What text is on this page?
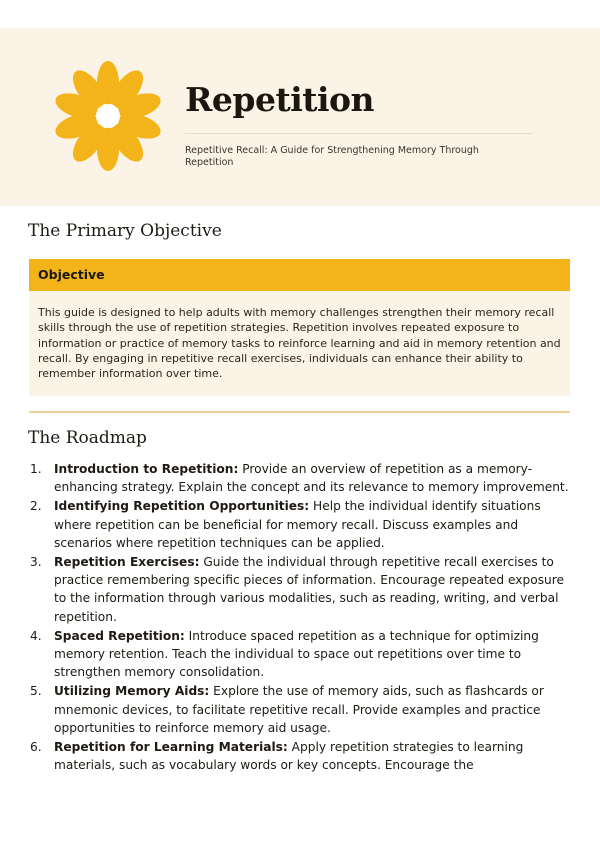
Repetition
Repetitive Recall: A Guide for Strengthening Memory Through Repetition
The Primary Objective
Objective
This guide is designed to help adults with memory challenges strengthen their memory recall skills through the use of repetition strategies. Repetition involves repeated exposure to information or practice of memory tasks to reinforce learning and aid in memory retention and recall. By engaging in repetitive recall exercises, individuals can enhance their ability to remember information over time.
The Roadmap
1. Introduction to Repetition: Provide an overview of repetition as a memory-enhancing strategy. Explain the concept and its relevance to memory improvement.
2. Identifying Repetition Opportunities: Help the individual identify situations where repetition can be beneficial for memory recall. Discuss examples and scenarios where repetition techniques can be applied.
3. Repetition Exercises: Guide the individual through repetitive recall exercises to practice remembering specific pieces of information. Encourage repeated exposure to the information through various modalities, such as reading, writing, and verbal repetition.
4. Spaced Repetition: Introduce spaced repetition as a technique for optimizing memory retention. Teach the individual to space out repetitions over time to strengthen memory consolidation.
5. Utilizing Memory Aids: Explore the use of memory aids, such as flashcards or mnemonic devices, to facilitate repetitive recall. Provide examples and practice opportunities to reinforce memory aid usage.
6. Repetition for Learning Materials: Apply repetition strategies to learning materials, such as vocabulary words or key concepts. Encourage the
